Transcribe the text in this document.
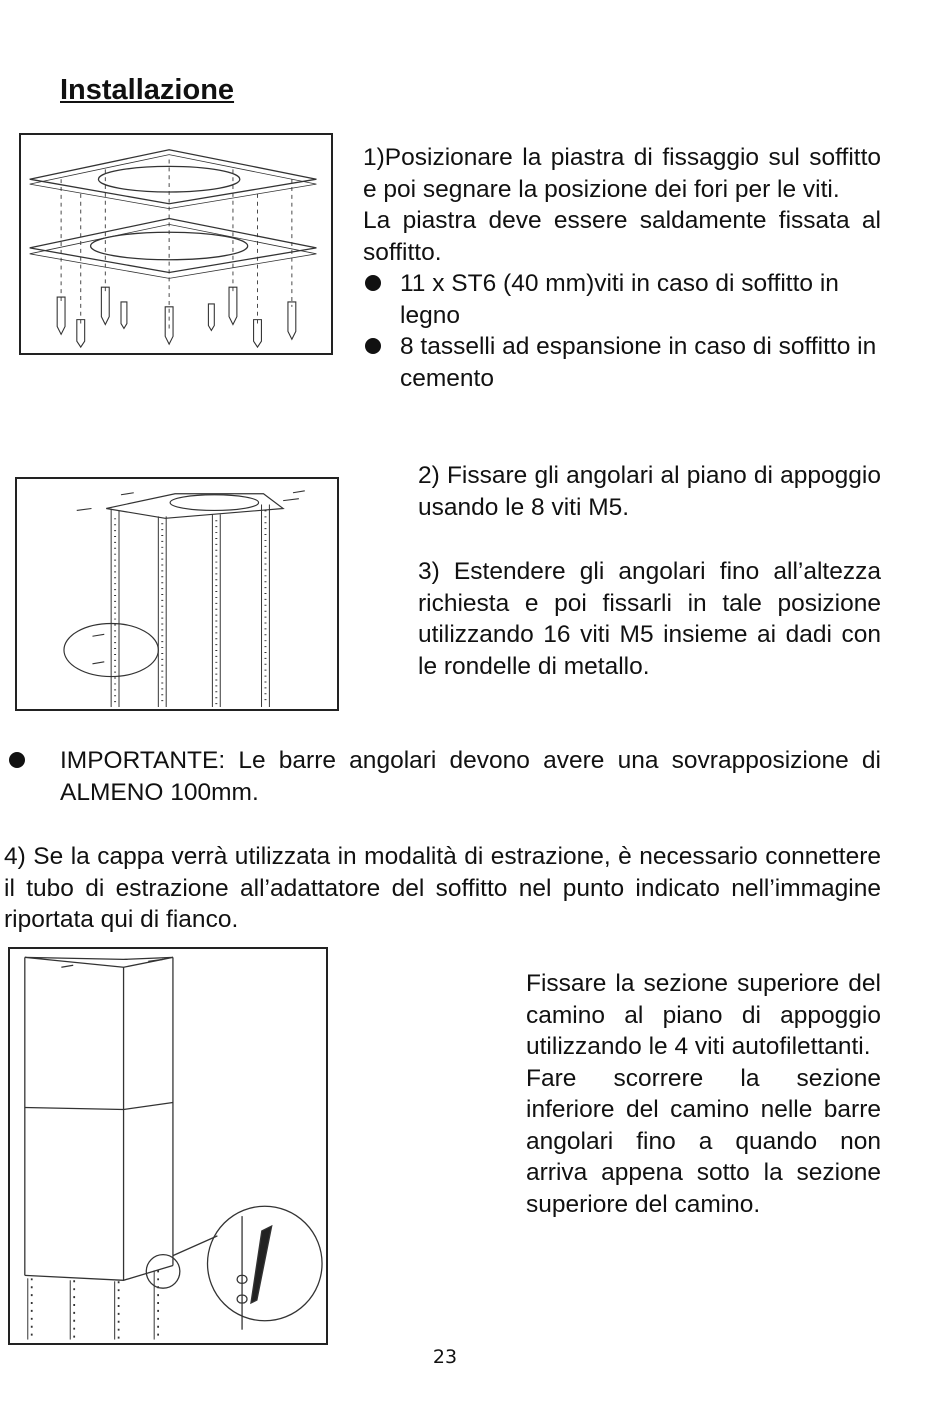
Installazione
1)Posizionare la piastra di fissaggio sul soffitto e poi segnare la posizione dei fori per le viti.
La piastra deve essere saldamente fissata al soffitto.
11 x ST6 (40 mm)viti in caso di soffitto in legno
8 tasselli ad espansione in caso di soffitto in cemento
2) Fissare gli angolari al piano di appoggio usando le 8 viti M5.
3) Estendere gli angolari fino all’altezza richiesta e poi fissarli in tale posizione utilizzando 16 viti M5 insieme ai dadi con le rondelle di metallo.
IMPORTANTE: Le barre angolari devono avere una sovrapposizione di ALMENO 100mm.
4) Se la cappa verrà utilizzata in modalità di estrazione, è necessario connettere il tubo di estrazione all’adattatore del soffitto nel punto indicato nell’immagine riportata qui di fianco.
Fissare la sezione superiore del camino al piano di appoggio utilizzando le 4 viti autofilettanti.
Fare scorrere la sezione inferiore del camino nelle barre angolari fino a quando non arriva appena sotto la sezione superiore del camino.
23
